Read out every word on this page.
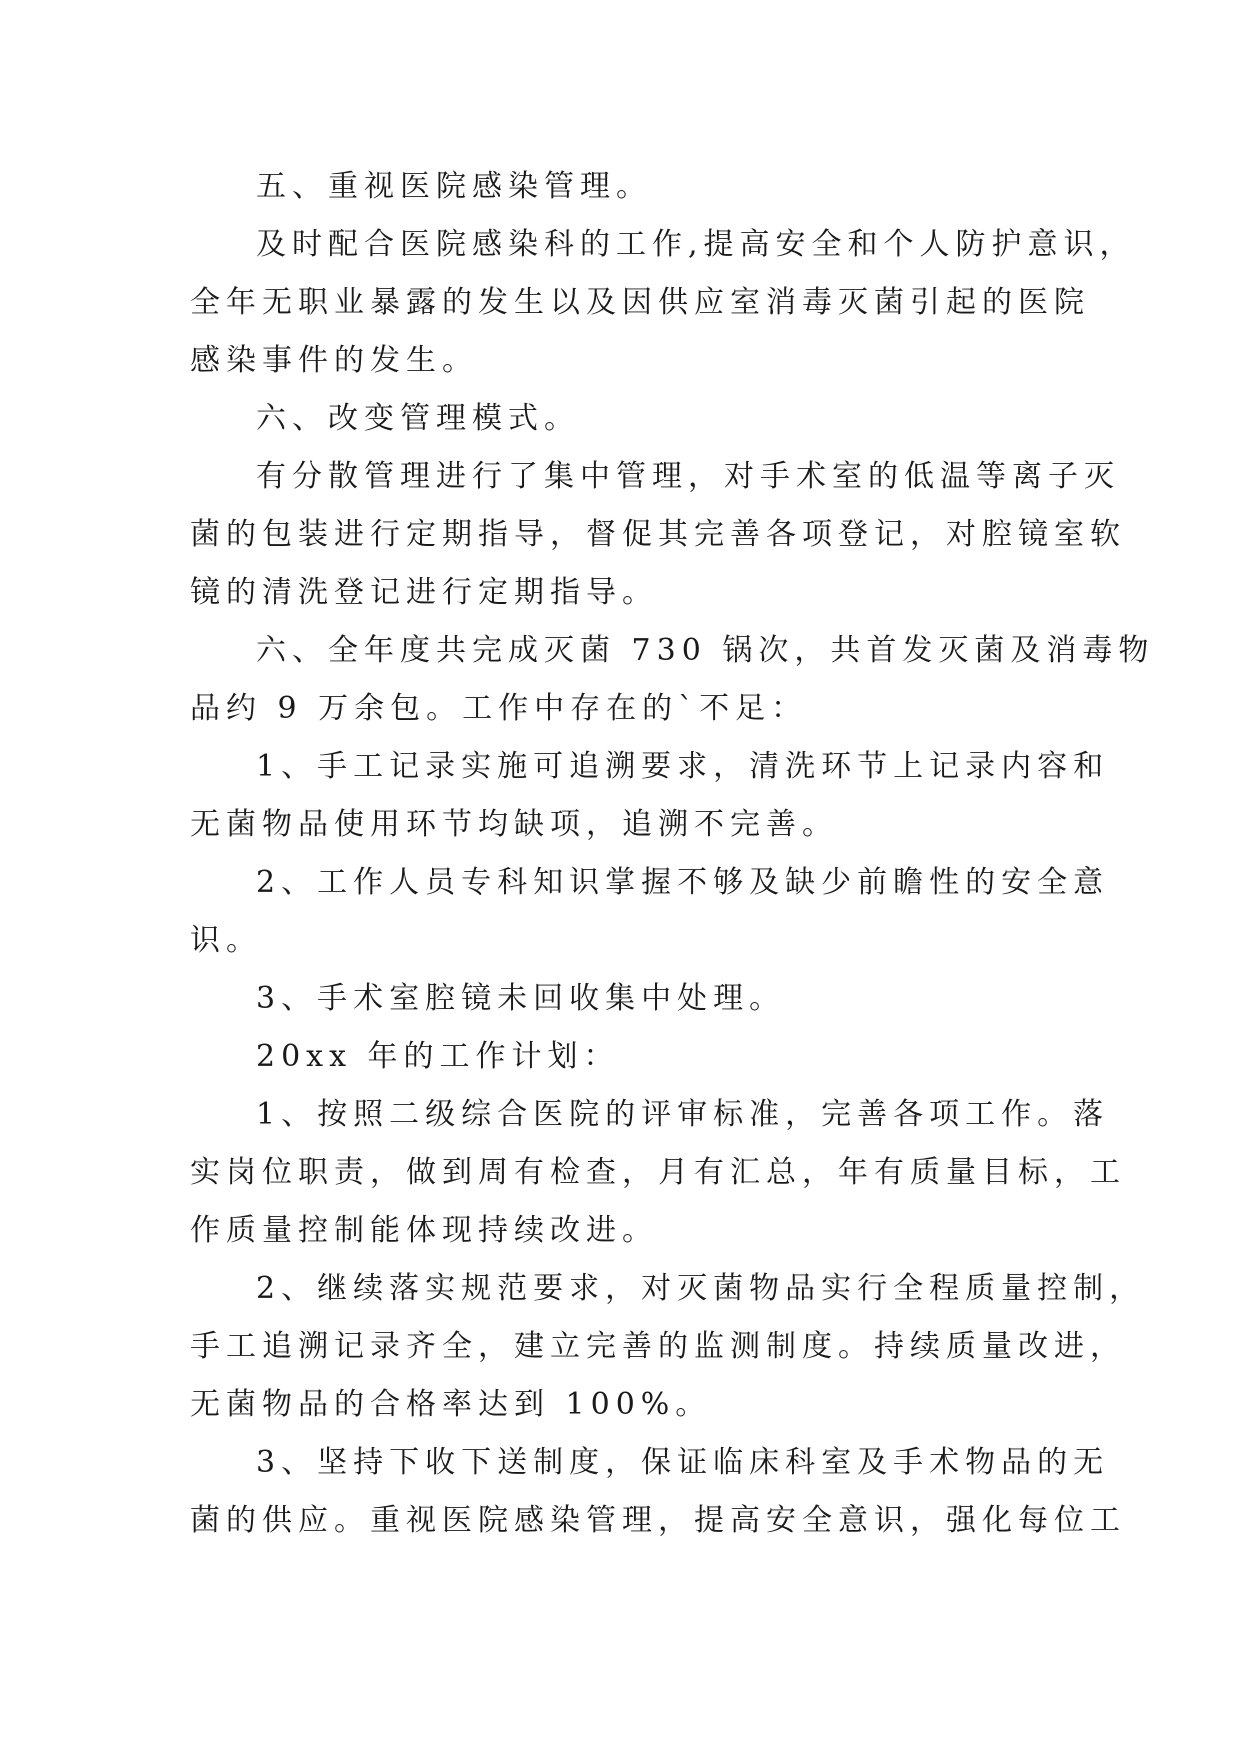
五、重视医院感染管理。

及时配合医院感染科的工作,提高安全和个人防护意识，
全年无职业暴露的发生以及因供应室消毒灭菌引起的医院
感染事件的发生。

六、改变管理模式。

有分散管理进行了集中管理，对手术室的低温等离子灭
菌的包装进行定期指导，督促其完善各项登记，对腔镜室软
镜的清洗登记进行定期指导。

六、全年度共完成灭菌 730 锅次，共首发灭菌及消毒物
品约 9 万余包。工作中存在的`不足：

1、手工记录实施可追溯要求，清洗环节上记录内容和
无菌物品使用环节均缺项，追溯不完善。

2、工作人员专科知识掌握不够及缺少前瞻性的安全意
识。

3、手术室腔镜未回收集中处理。

20xx 年的工作计划：

1、按照二级综合医院的评审标准，完善各项工作。落
实岗位职责，做到周有检查，月有汇总，年有质量目标，工
作质量控制能体现持续改进。

2、继续落实规范要求，对灭菌物品实行全程质量控制，
手工追溯记录齐全，建立完善的监测制度。持续质量改进，
无菌物品的合格率达到 100%。

3、坚持下收下送制度，保证临床科室及手术物品的无
菌的供应。重视医院感染管理，提高安全意识，强化每位工
